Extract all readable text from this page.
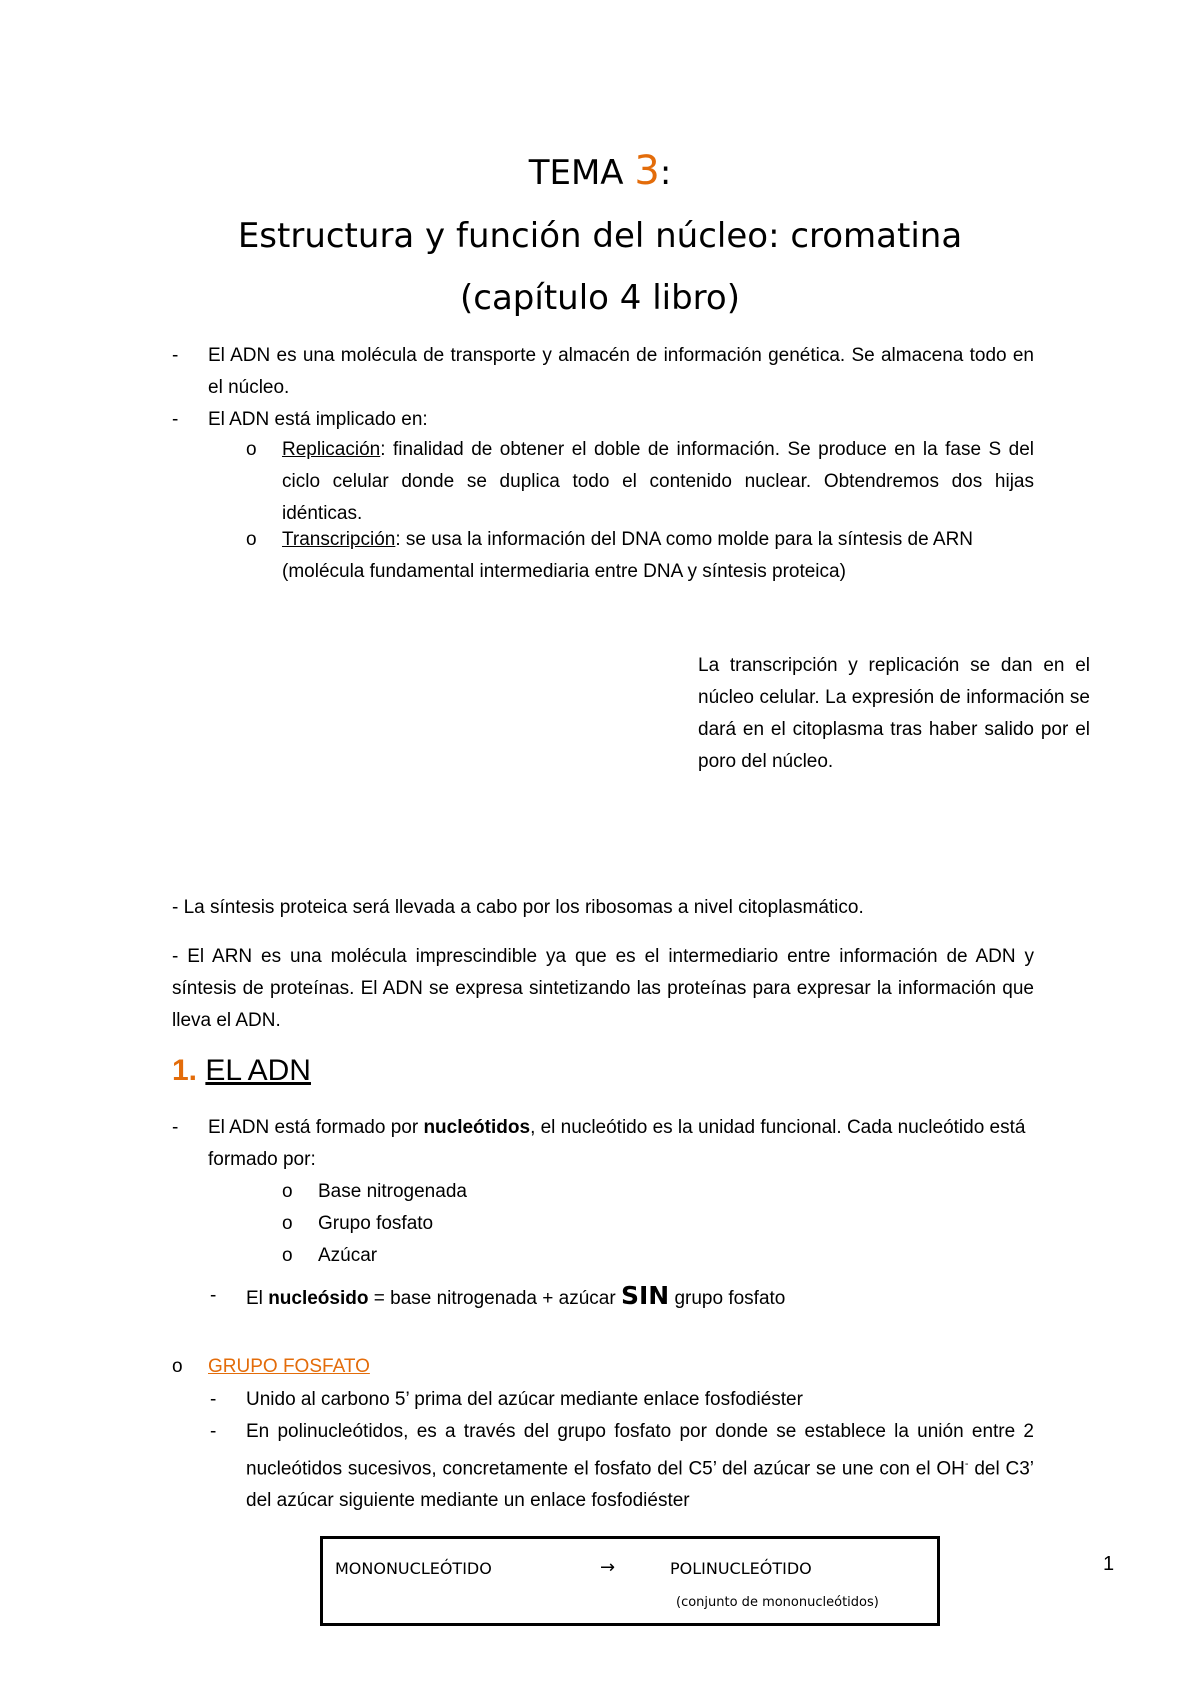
TEMA 3:
Estructura y función del núcleo: cromatina
(capítulo 4 libro)
- El ADN es una molécula de transporte y almacén de información genética. Se almacena todo en el núcleo.
- El ADN está implicado en:
o Replicación: finalidad de obtener el doble de información. Se produce en la fase S del ciclo celular donde se duplica todo el contenido nuclear. Obtendremos dos hijas idénticas.
o Transcripción: se usa la información del DNA como molde para la síntesis de ARN (molécula fundamental intermediaria entre DNA y síntesis proteica)
La transcripción y replicación se dan en el núcleo celular. La expresión de información se dará en el citoplasma tras haber salido por el poro del núcleo.
- La síntesis proteica será llevada a cabo por los ribosomas a nivel citoplasmático.
- El ARN es una molécula imprescindible ya que es el intermediario entre información de ADN y síntesis de proteínas. El ADN se expresa sintetizando las proteínas para expresar la información que lleva el ADN.
1. EL ADN
- El ADN está formado por nucleótidos, el nucleótido es la unidad funcional. Cada nucleótido está formado por:
o Base nitrogenada
o Grupo fosfato
o Azúcar
- El nucleósido = base nitrogenada + azúcar SIN grupo fosfato
o GRUPO FOSFATO
- Unido al carbono 5’ prima del azúcar mediante enlace fosfodiéster
- En polinucleótidos, es a través del grupo fosfato por donde se establece la unión entre 2 nucleótidos sucesivos, concretamente el fosfato del C5’ del azúcar se une con el OH- del C3’ del azúcar siguiente mediante un enlace fosfodiéster
MONONUCLEÓTIDO	→	POLINUCLEÓTIDO
(conjunto de mononucleótidos)
1
